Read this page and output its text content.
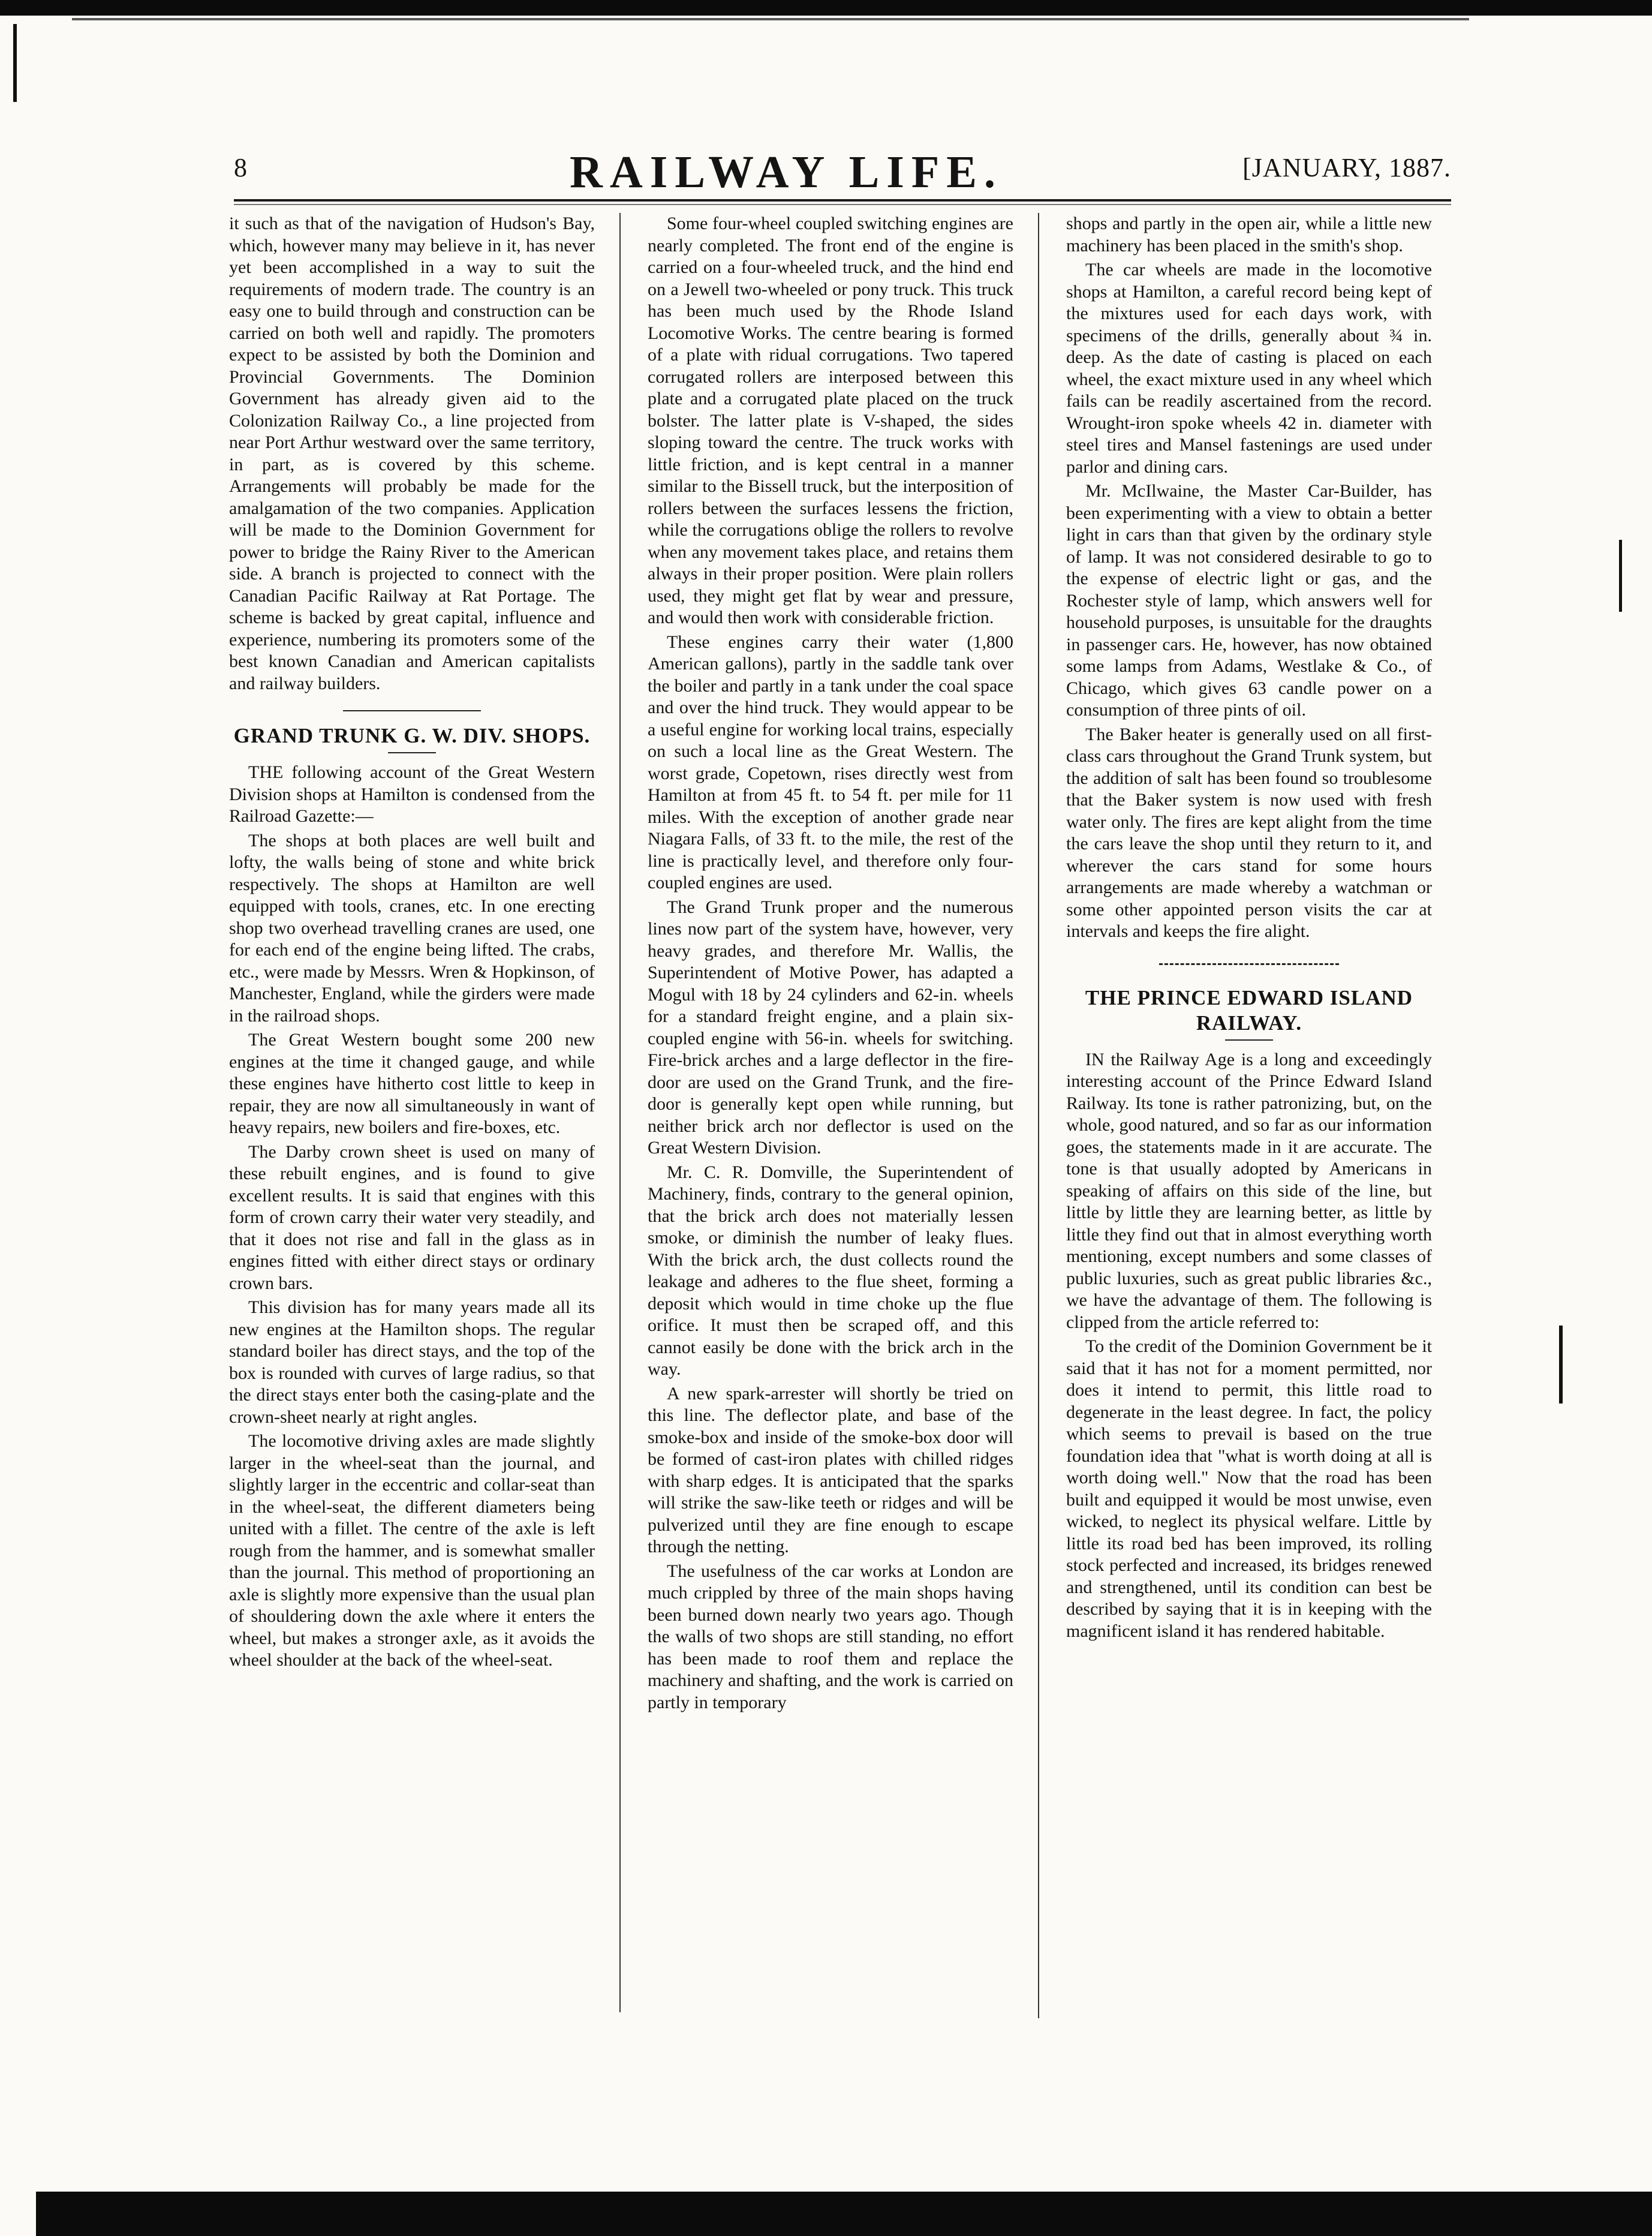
8	RAILWAY LIFE.	[JANUARY, 1887.

it such as that of the navigation of Hudson's Bay, which, however many may believe in it, has never yet been accomplished in a way to suit the requirements of modern trade. The country is an easy one to build through and construction can be carried on both well and rapidly. The promoters expect to be assisted by both the Dominion and Provincial Governments. The Dominion Government has already given aid to the Colonization Railway Co., a line projected from near Port Arthur westward over the same territory, in part, as is covered by this scheme. Arrangements will probably be made for the amalgamation of the two companies. Application will be made to the Dominion Government for power to bridge the Rainy River to the American side. A branch is projected to connect with the Canadian Pacific Railway at Rat Portage. The scheme is backed by great capital, influence and experience, numbering its promoters some of the best known Canadian and American capitalists and railway builders.

GRAND TRUNK G. W. DIV. SHOPS.

THE following account of the Great Western Division shops at Hamilton is condensed from the Railroad Gazette:—

The shops at both places are well built and lofty, the walls being of stone and white brick respectively. The shops at Hamilton are well equipped with tools, cranes, etc. In one erecting shop two overhead travelling cranes are used, one for each end of the engine being lifted. The crabs, etc., were made by Messrs. Wren & Hopkinson, of Manchester, England, while the girders were made in the railroad shops.

The Great Western bought some 200 new engines at the time it changed gauge, and while these engines have hitherto cost little to keep in repair, they are now all simultaneously in want of heavy repairs, new boilers and fire-boxes, etc.

The Darby crown sheet is used on many of these rebuilt engines, and is found to give excellent results. It is said that engines with this form of crown carry their water very steadily, and that it does not rise and fall in the glass as in engines fitted with either direct stays or ordinary crown bars.

This division has for many years made all its new engines at the Hamilton shops. The regular standard boiler has direct stays, and the top of the box is rounded with curves of large radius, so that the direct stays enter both the casing-plate and the crown-sheet nearly at right angles.

The locomotive driving axles are made slightly larger in the wheel-seat than the journal, and slightly larger in the eccentric and collar-seat than in the wheel-seat, the different diameters being united with a fillet. The centre of the axle is left rough from the hammer, and is somewhat smaller than the journal. This method of proportioning an axle is slightly more expensive than the usual plan of shouldering down the axle where it enters the wheel, but makes a stronger axle, as it avoids the wheel shoulder at the back of the wheel-seat.

Some four-wheel coupled switching engines are nearly completed. The front end of the engine is carried on a four-wheeled truck, and the hind end on a Jewell two-wheeled or pony truck. This truck has been much used by the Rhode Island Locomotive Works. The centre bearing is formed of a plate with ridual corrugations. Two tapered corrugated rollers are interposed between this plate and a corrugated plate placed on the truck bolster. The latter plate is V-shaped, the sides sloping toward the centre. The truck works with little friction, and is kept central in a manner similar to the Bissell truck, but the interposition of rollers between the surfaces lessens the friction, while the corrugations oblige the rollers to revolve when any movement takes place, and retains them always in their proper position. Were plain rollers used, they might get flat by wear and pressure, and would then work with considerable friction.

These engines carry their water (1,800 American gallons), partly in the saddle tank over the boiler and partly in a tank under the coal space and over the hind truck. They would appear to be a useful engine for working local trains, especially on such a local line as the Great Western. The worst grade, Copetown, rises directly west from Hamilton at from 45 ft. to 54 ft. per mile for 11 miles. With the exception of another grade near Niagara Falls, of 33 ft. to the mile, the rest of the line is practically level, and therefore only four-coupled engines are used.

The Grand Trunk proper and the numerous lines now part of the system have, however, very heavy grades, and therefore Mr. Wallis, the Superintendent of Motive Power, has adapted a Mogul with 18 by 24 cylinders and 62-in. wheels for a standard freight engine, and a plain six-coupled engine with 56-in. wheels for switching. Fire-brick arches and a large deflector in the fire-door are used on the Grand Trunk, and the fire-door is generally kept open while running, but neither brick arch nor deflector is used on the Great Western Division.

Mr. C. R. Domville, the Superintendent of Machinery, finds, contrary to the general opinion, that the brick arch does not materially lessen smoke, or diminish the number of leaky flues. With the brick arch, the dust collects round the leakage and adheres to the flue sheet, forming a deposit which would in time choke up the flue orifice. It must then be scraped off, and this cannot easily be done with the brick arch in the way.

A new spark-arrester will shortly be tried on this line. The deflector plate, and base of the smoke-box and inside of the smoke-box door will be formed of cast-iron plates with chilled ridges with sharp edges. It is anticipated that the sparks will strike the saw-like teeth or ridges and will be pulverized until they are fine enough to escape through the netting.

The usefulness of the car works at London are much crippled by three of the main shops having been burned down nearly two years ago. Though the walls of two shops are still standing, no effort has been made to roof them and replace the machinery and shafting, and the work is carried on partly in temporary

shops and partly in the open air, while a little new machinery has been placed in the smith's shop.

The car wheels are made in the locomotive shops at Hamilton, a careful record being kept of the mixtures used for each days work, with specimens of the drills, generally about ¾ in. deep. As the date of casting is placed on each wheel, the exact mixture used in any wheel which fails can be readily ascertained from the record. Wrought-iron spoke wheels 42 in. diameter with steel tires and Mansel fastenings are used under parlor and dining cars.

Mr. McIlwaine, the Master Car-Builder, has been experimenting with a view to obtain a better light in cars than that given by the ordinary style of lamp. It was not considered desirable to go to the expense of electric light or gas, and the Rochester style of lamp, which answers well for household purposes, is unsuitable for the draughts in passenger cars. He, however, has now obtained some lamps from Adams, Westlake & Co., of Chicago, which gives 63 candle power on a consumption of three pints of oil.

The Baker heater is generally used on all first-class cars throughout the Grand Trunk system, but the addition of salt has been found so troublesome that the Baker system is now used with fresh water only. The fires are kept alight from the time the cars leave the shop until they return to it, and wherever the cars stand for some hours arrangements are made whereby a watchman or some other appointed person visits the car at intervals and keeps the fire alight.

THE PRINCE EDWARD ISLAND RAILWAY.

IN the Railway Age is a long and exceedingly interesting account of the Prince Edward Island Railway. Its tone is rather patronizing, but, on the whole, good natured, and so far as our information goes, the statements made in it are accurate. The tone is that usually adopted by Americans in speaking of affairs on this side of the line, but little by little they are learning better, as little by little they find out that in almost everything worth mentioning, except numbers and some classes of public luxuries, such as great public libraries &c., we have the advantage of them. The following is clipped from the article referred to:

To the credit of the Dominion Government be it said that it has not for a moment permitted, nor does it intend to permit, this little road to degenerate in the least degree. In fact, the policy which seems to prevail is based on the true foundation idea that "what is worth doing at all is worth doing well." Now that the road has been built and equipped it would be most unwise, even wicked, to neglect its physical welfare. Little by little its road bed has been improved, its rolling stock perfected and increased, its bridges renewed and strengthened, until its condition can best be described by saying that it is in keeping with the magnificent island it has rendered habitable.
